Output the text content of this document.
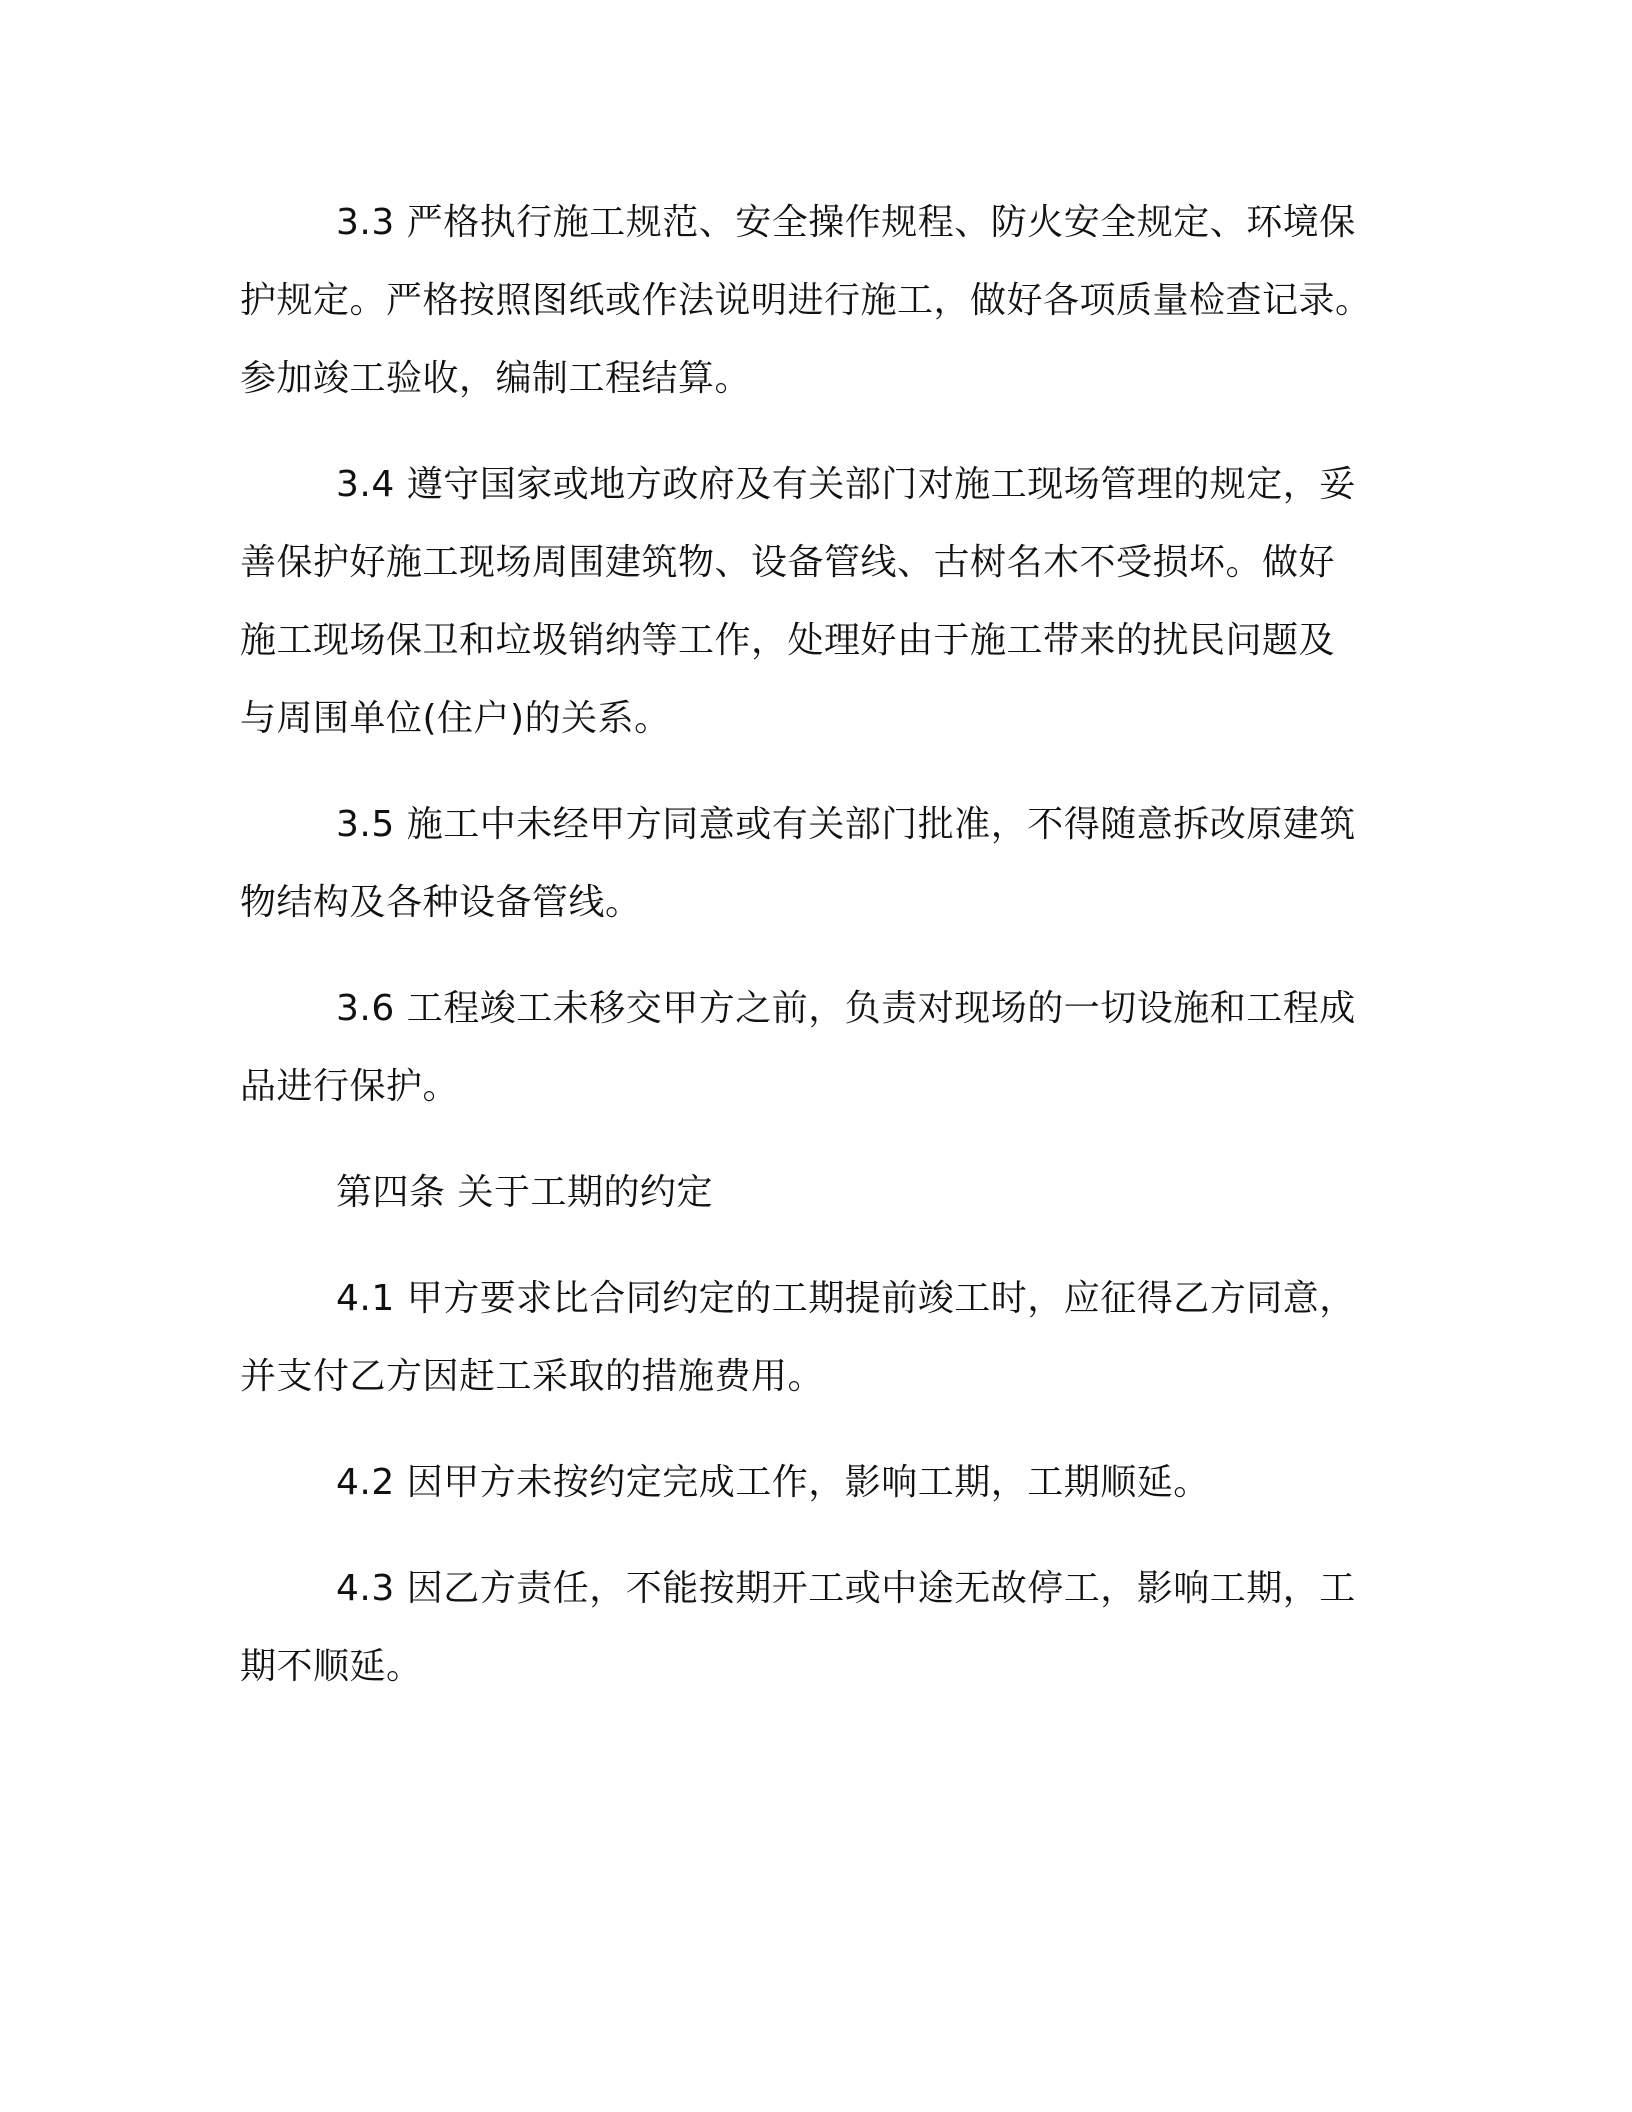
3.3 严格执行施工规范、安全操作规程、防火安全规定、环境保
护规定。严格按照图纸或作法说明进行施工，做好各项质量检查记录。
参加竣工验收，编制工程结算。
3.4 遵守国家或地方政府及有关部门对施工现场管理的规定，妥
善保护好施工现场周围建筑物、设备管线、古树名木不受损坏。做好
施工现场保卫和垃圾销纳等工作，处理好由于施工带来的扰民问题及
与周围单位(住户)的关系。
3.5 施工中未经甲方同意或有关部门批准，不得随意拆改原建筑
物结构及各种设备管线。
3.6 工程竣工未移交甲方之前，负责对现场的一切设施和工程成
品进行保护。
第四条 关于工期的约定
4.1 甲方要求比合同约定的工期提前竣工时，应征得乙方同意，
并支付乙方因赶工采取的措施费用。
4.2 因甲方未按约定完成工作，影响工期，工期顺延。
4.3 因乙方责任，不能按期开工或中途无故停工，影响工期，工
期不顺延。
